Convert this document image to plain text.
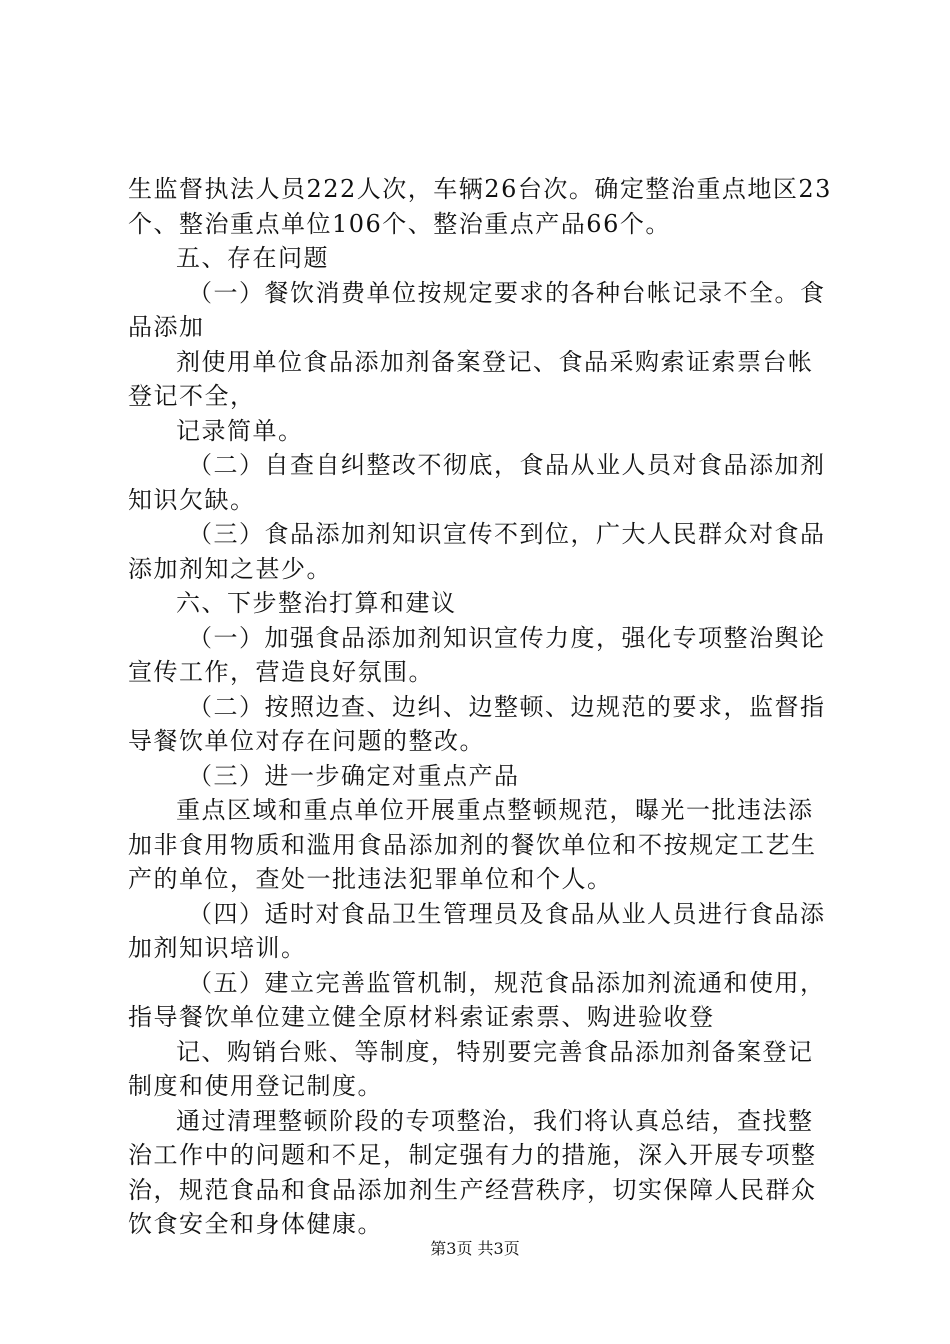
生监督执法人员222人次，车辆26台次。确定整治重点地区23
个、整治重点单位106个、整治重点产品66个。
五、存在问题
（一）餐饮消费单位按规定要求的各种台帐记录不全。食
品添加
剂使用单位食品添加剂备案登记、食品采购索证索票台帐
登记不全，
记录简单。
（二）自查自纠整改不彻底，食品从业人员对食品添加剂
知识欠缺。
（三）食品添加剂知识宣传不到位，广大人民群众对食品
添加剂知之甚少。
六、下步整治打算和建议
（一）加强食品添加剂知识宣传力度，强化专项整治舆论
宣传工作，营造良好氛围。
（二）按照边查、边纠、边整顿、边规范的要求，监督指
导餐饮单位对存在问题的整改。
（三）进一步确定对重点产品
重点区域和重点单位开展重点整顿规范，曝光一批违法添
加非食用物质和滥用食品添加剂的餐饮单位和不按规定工艺生
产的单位，查处一批违法犯罪单位和个人。
（四）适时对食品卫生管理员及食品从业人员进行食品添
加剂知识培训。
（五）建立完善监管机制，规范食品添加剂流通和使用，
指导餐饮单位建立健全原材料索证索票、购进验收登
记、购销台账、等制度，特别要完善食品添加剂备案登记
制度和使用登记制度。
通过清理整顿阶段的专项整治，我们将认真总结，查找整
治工作中的问题和不足，制定强有力的措施，深入开展专项整
治，规范食品和食品添加剂生产经营秩序，切实保障人民群众
饮食安全和身体健康。
第3页 共3页
